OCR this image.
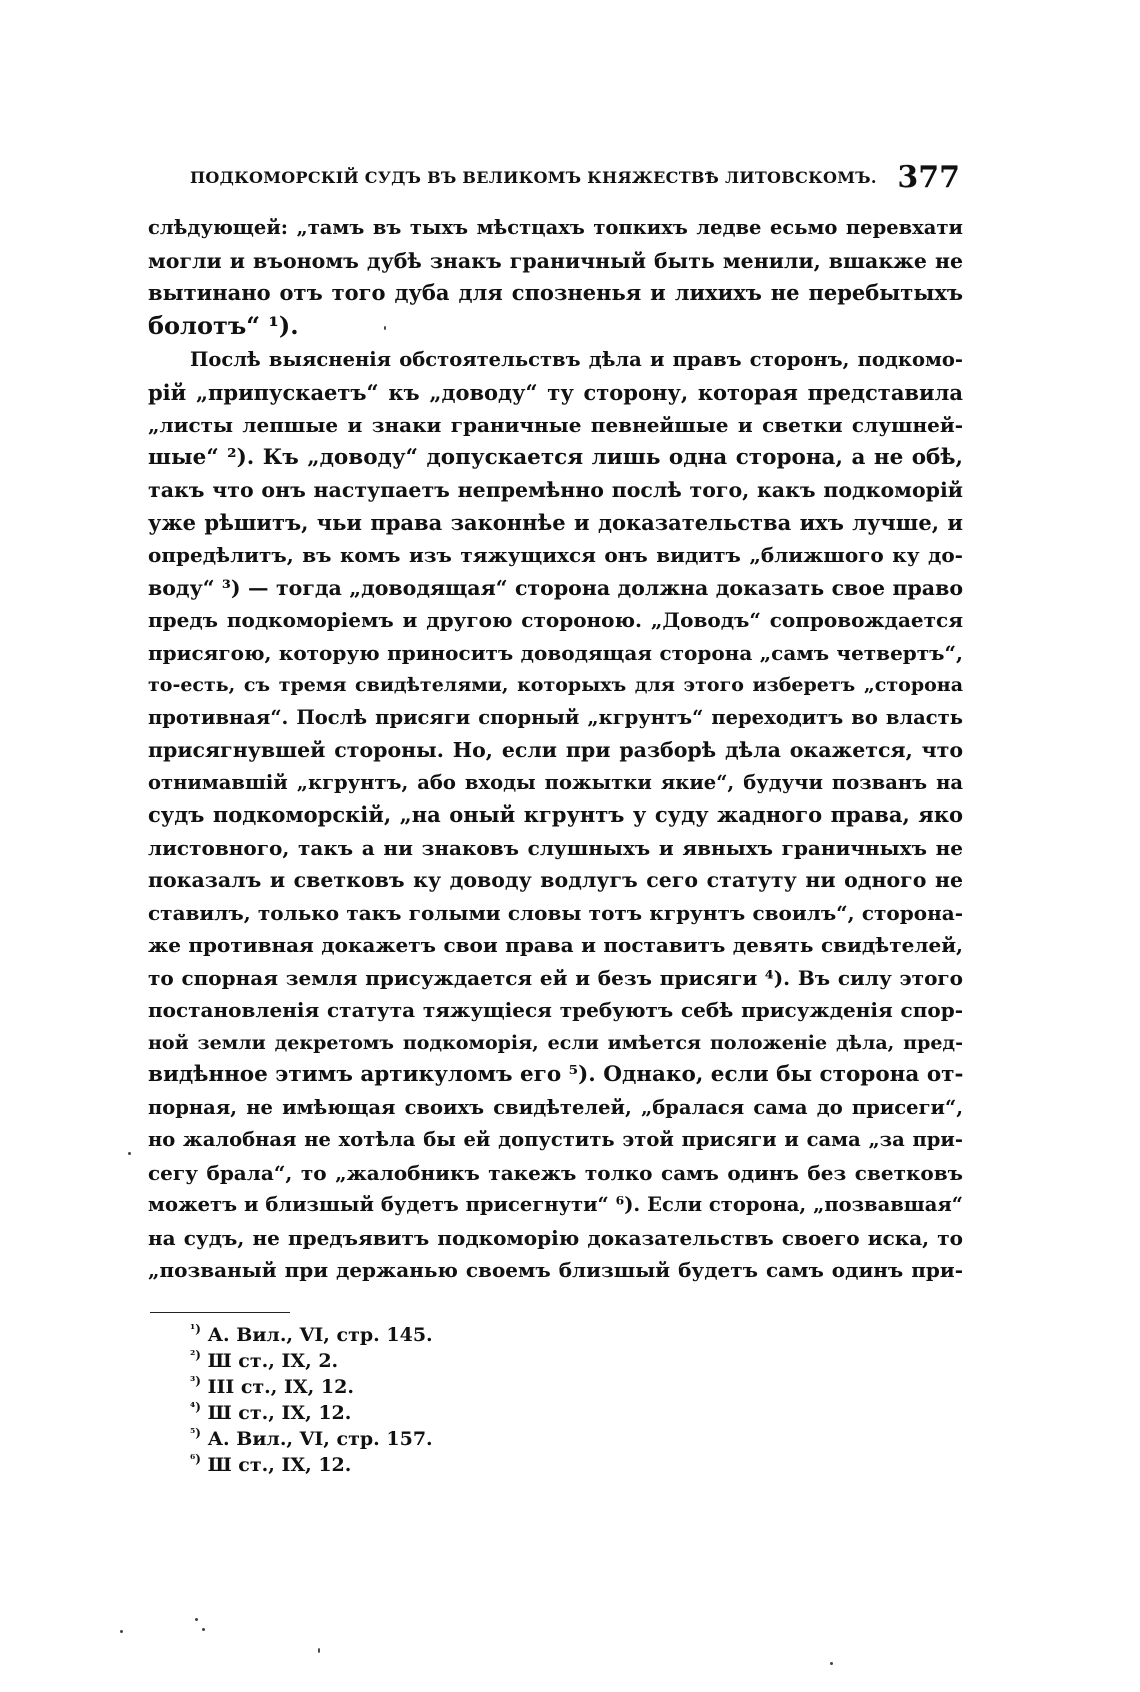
ПОДКОМОРСКІЙ СУДЪ ВЪ ВЕЛИКОМЪ КНЯЖЕСТВѢ ЛИТОВСКОМЪ. 377
слѣдующей: „тамъ въ тыхъ мѣстцахъ топкихъ ледве есьмо перевхати
могли и въономъ дубѣ знакъ граничный быть менили, вшакже не
вытинано отъ того дуба для спозненья и лихихъ не перебытыхъ
болотъ“ ¹).
Послѣ выясненія обстоятельствъ дѣла и правъ сторонъ, подкомо-
рій „припускаетъ“ къ „доводу“ ту сторону, которая представила
„листы лепшые и знаки граничные певнейшые и светки слушней-
шые“ ²). Къ „доводу“ допускается лишь одна сторона, а не обѣ,
такъ что онъ наступаетъ непремѣнно послѣ того, какъ подкоморій
уже рѣшитъ, чьи права законнѣе и доказательства ихъ лучше, и
опредѣлитъ, въ комъ изъ тяжущихся онъ видитъ „ближшого ку до-
воду“ ³) — тогда „доводящая“ сторона должна доказать свое право
предъ подкоморіемъ и другою стороною. „Доводъ“ сопровождается
присягою, которую приноситъ доводящая сторона „самъ четвертъ“,
то-есть, съ тремя свидѣтелями, которыхъ для этого изберетъ „сторона
противная“. Послѣ присяги спорный „кгрунтъ“ переходитъ во власть
присягнувшей стороны. Но, если при разборѣ дѣла окажется, что
отнимавшій „кгрунтъ, або входы пожытки якие“, будучи позванъ на
судъ подкоморскій, „на оный кгрунтъ у суду жадного права, яко
листовного, такъ а ни знаковъ слушныхъ и явныхъ граничныхъ не
показалъ и светковъ ку доводу водлугъ сего статуту ни одного не
ставилъ, только такъ голыми словы тотъ кгрунтъ своилъ“, сторона-
же противная докажетъ свои права и поставитъ девять свидѣтелей,
то спорная земля присуждается ей и безъ присяги ⁴). Въ силу этого
постановленія статута тяжущіеся требуютъ себѣ присужденія спор-
ной земли декретомъ подкоморія, если имѣется положеніе дѣла, пред-
видѣнное этимъ артикуломъ его ⁵). Однако, если бы сторона от-
порная, не имѣющая своихъ свидѣтелей, „бралася сама до присеги“,
но жалобная не хотѣла бы ей допустить этой присяги и сама „за при-
сегу брала“, то „жалобникъ такежъ толко самъ одинъ без светковъ
можетъ и близшый будетъ присегнути“ ⁶). Если сторона, „позвавшая“
на судъ, не предъявитъ подкоморію доказательствъ своего иска, то
„позваный при держанью своемъ близшый будетъ самъ одинъ при-
$^{^1)}$ А. Вил., VI, стр. 145.
$^{^2)}$ Ш ст., IX, 2.
$^{^3)}$ III ст., IX, 12.
$^{^4)}$ Ш ст., IX, 12.
$^{^5)}$ А. Вил., VI, стр. 157.
$^{^6)}$ Ш ст., IX, 12.
